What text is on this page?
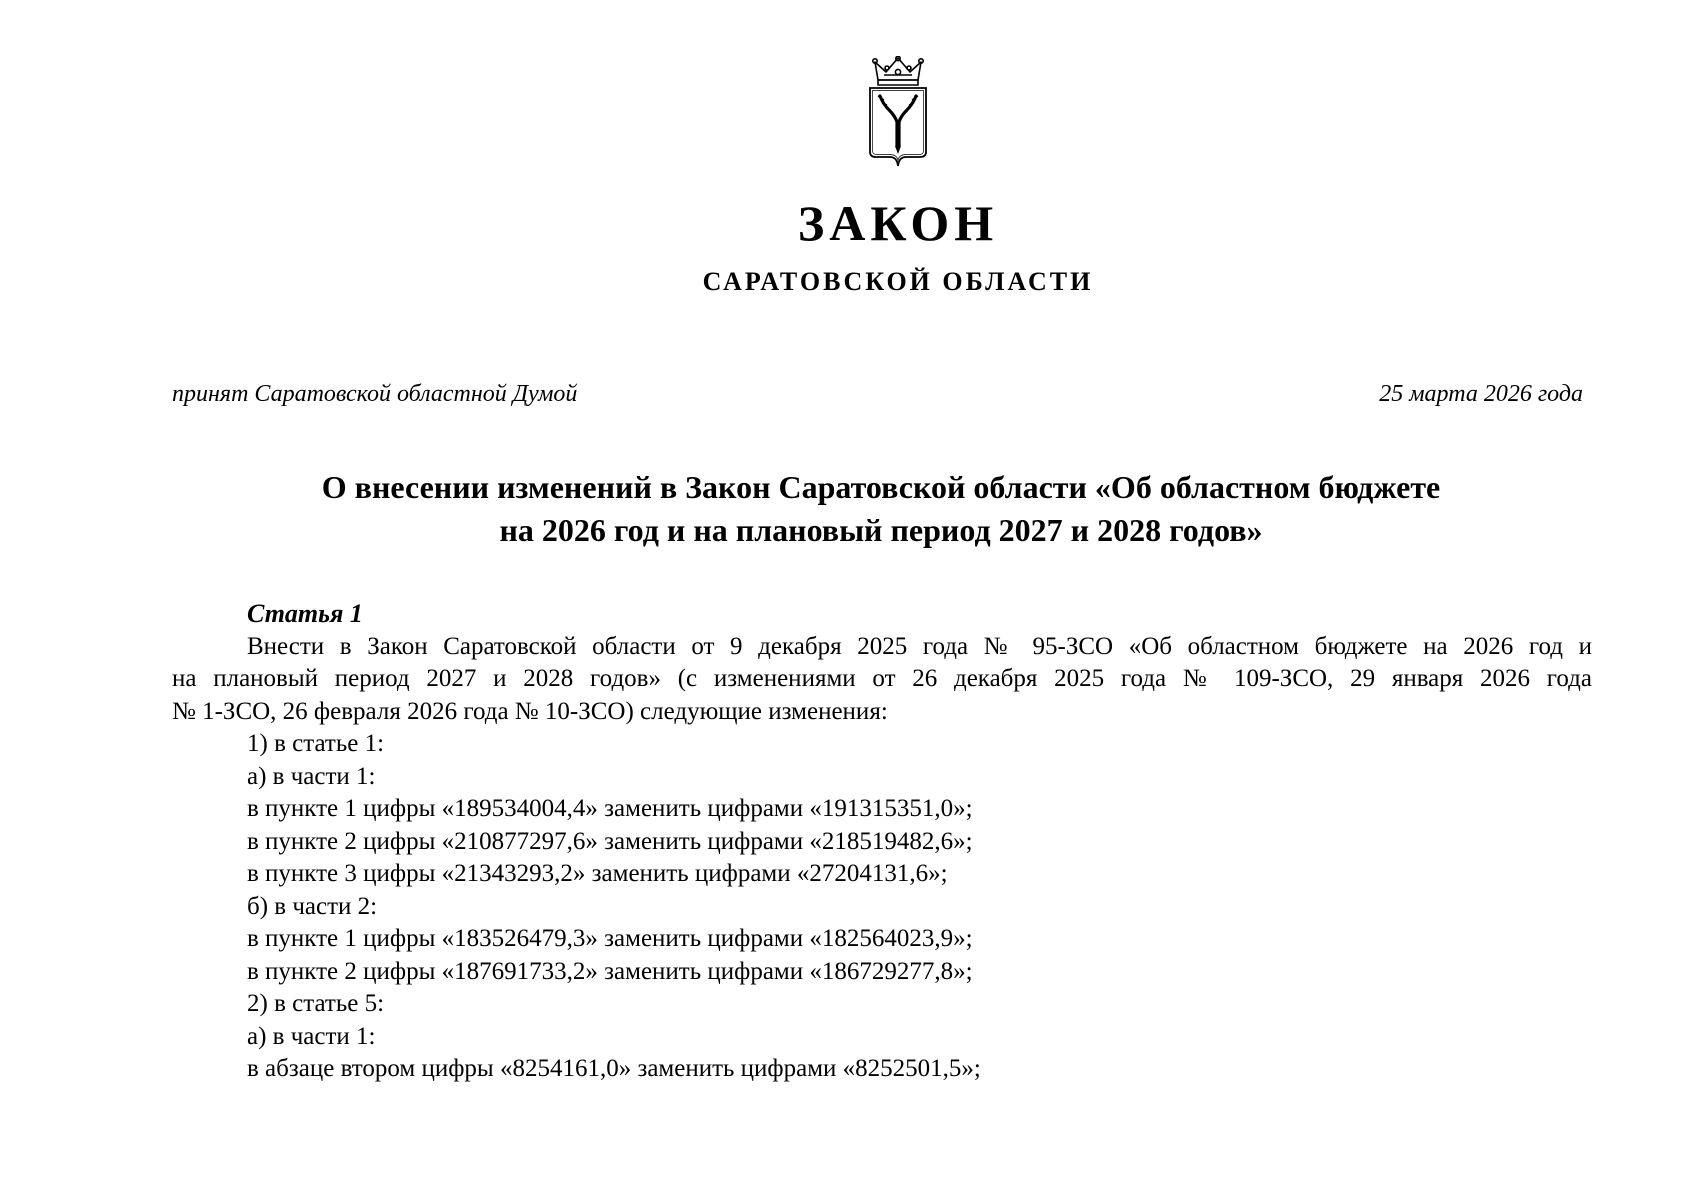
ЗАКОН
САРАТОВСКОЙ ОБЛАСТИ
принят Саратовской областной Думой	25 марта 2026 года
О внесении изменений в Закон Саратовской области «Об областном бюджете
на 2026 год и на плановый период 2027 и 2028 годов»
Статья 1
Внести в Закон Саратовской области от 9 декабря 2025 года № 95-ЗСО «Об областном бюджете на 2026 год и
на плановый период 2027 и 2028 годов» (с изменениями от 26 декабря 2025 года № 109-ЗСО, 29 января 2026 года
№ 1-ЗСО, 26 февраля 2026 года № 10-ЗСО) следующие изменения:
1) в статье 1:
а) в части 1:
в пункте 1 цифры «189534004,4» заменить цифрами «191315351,0»;
в пункте 2 цифры «210877297,6» заменить цифрами «218519482,6»;
в пункте 3 цифры «21343293,2» заменить цифрами «27204131,6»;
б) в части 2:
в пункте 1 цифры «183526479,3» заменить цифрами «182564023,9»;
в пункте 2 цифры «187691733,2» заменить цифрами «186729277,8»;
2) в статье 5:
а) в части 1:
в абзаце втором цифры «8254161,0» заменить цифрами «8252501,5»;
